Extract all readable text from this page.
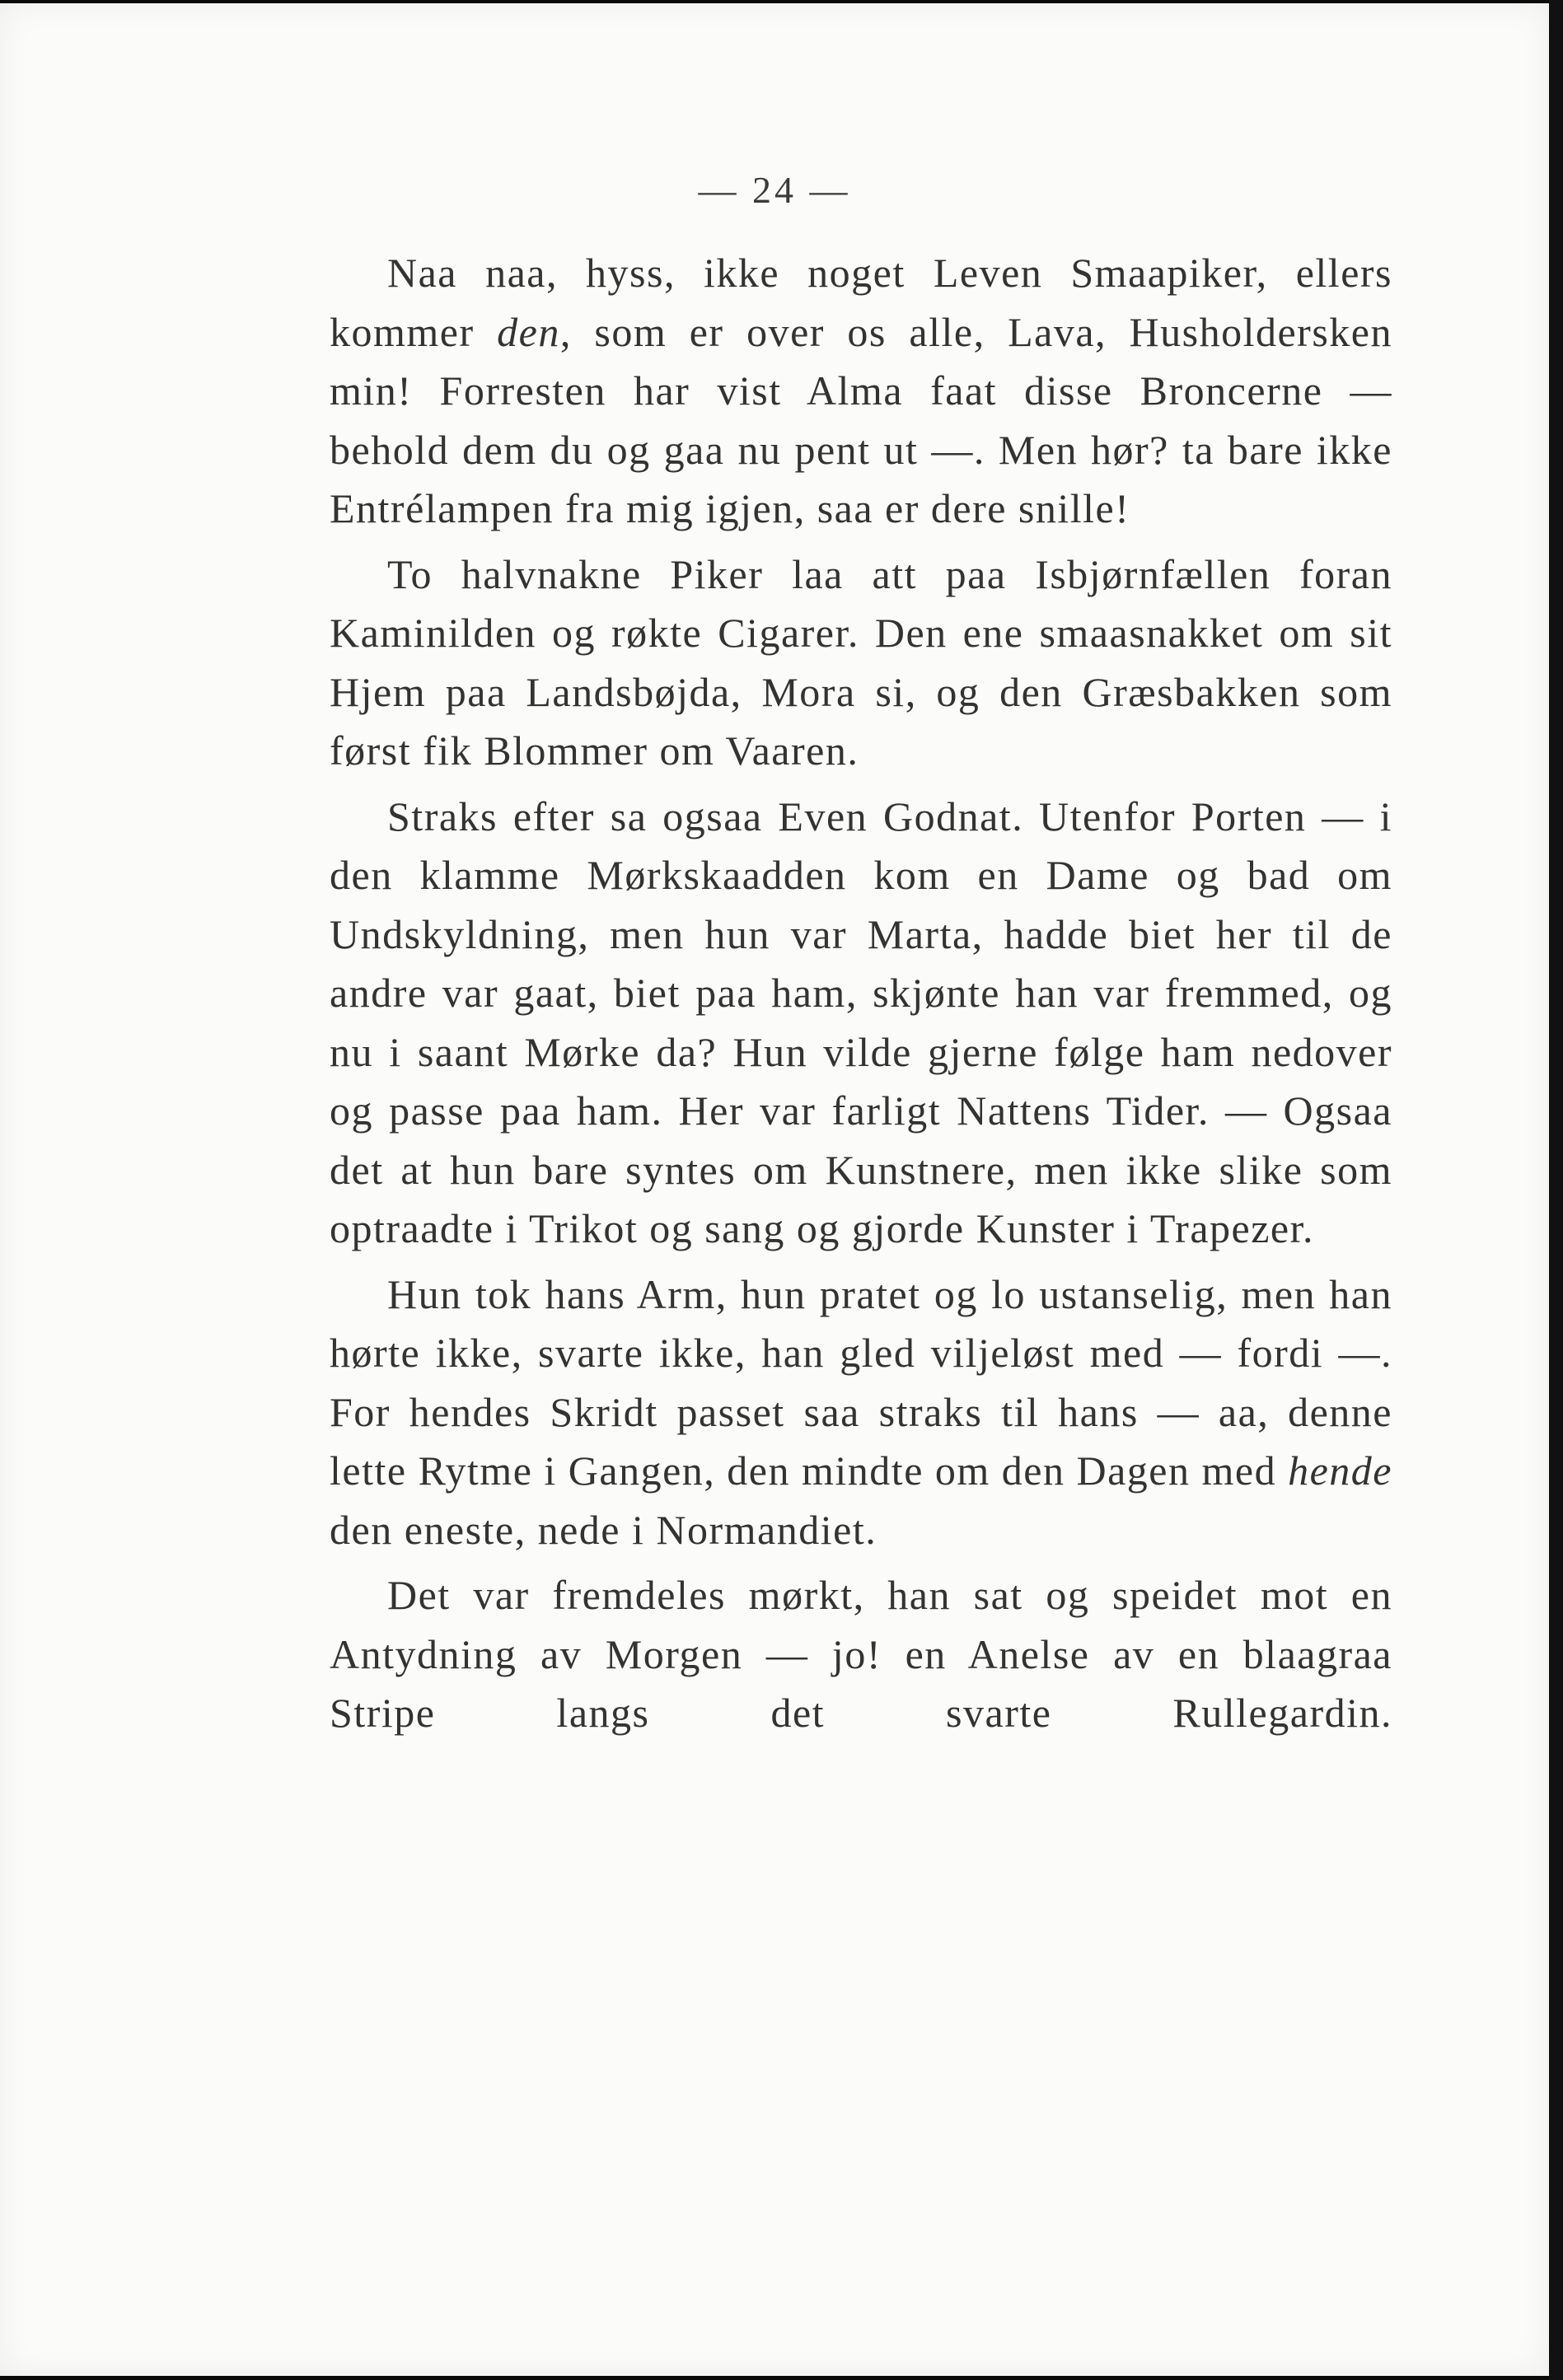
— 24 —

Naa naa, hyss, ikke noget Leven Smaapiker, ellers kommer den, som er over os alle, Lava, Husholdersken min! Forresten har vist Alma faat disse Broncerne — behold dem du og gaa nu pent ut —. Men hør? ta bare ikke Entrélampen fra mig igjen, saa er dere snille!

To halvnakne Piker laa att paa Isbjørnfællen foran Kaminilden og røkte Cigarer. Den ene smaasnakket om sit Hjem paa Landsbøjda, Mora si, og den Græsbakken som først fik Blommer om Vaaren.

Straks efter sa ogsaa Even Godnat. Utenfor Porten — i den klamme Mørkskaadden kom en Dame og bad om Undskyldning, men hun var Marta, hadde biet her til de andre var gaat, biet paa ham, skjønte han var fremmed, og nu i saant Mørke da? Hun vilde gjerne følge ham nedover og passe paa ham. Her var farligt Nattens Tider. — Ogsaa det at hun bare syntes om Kunstnere, men ikke slike som optraadte i Trikot og sang og gjorde Kunster i Trapezer.

Hun tok hans Arm, hun pratet og lo ustanselig, men han hørte ikke, svarte ikke, han gled viljeløst med — fordi —. For hendes Skridt passet saa straks til hans — aa, denne lette Rytme i Gangen, den mindte om den Dagen med hende den eneste, nede i Normandiet.

Det var fremdeles mørkt, han sat og speidet mot en Antydning av Morgen — jo! en Anelse av en blaagraa Stripe langs det svarte Rullegardin.
